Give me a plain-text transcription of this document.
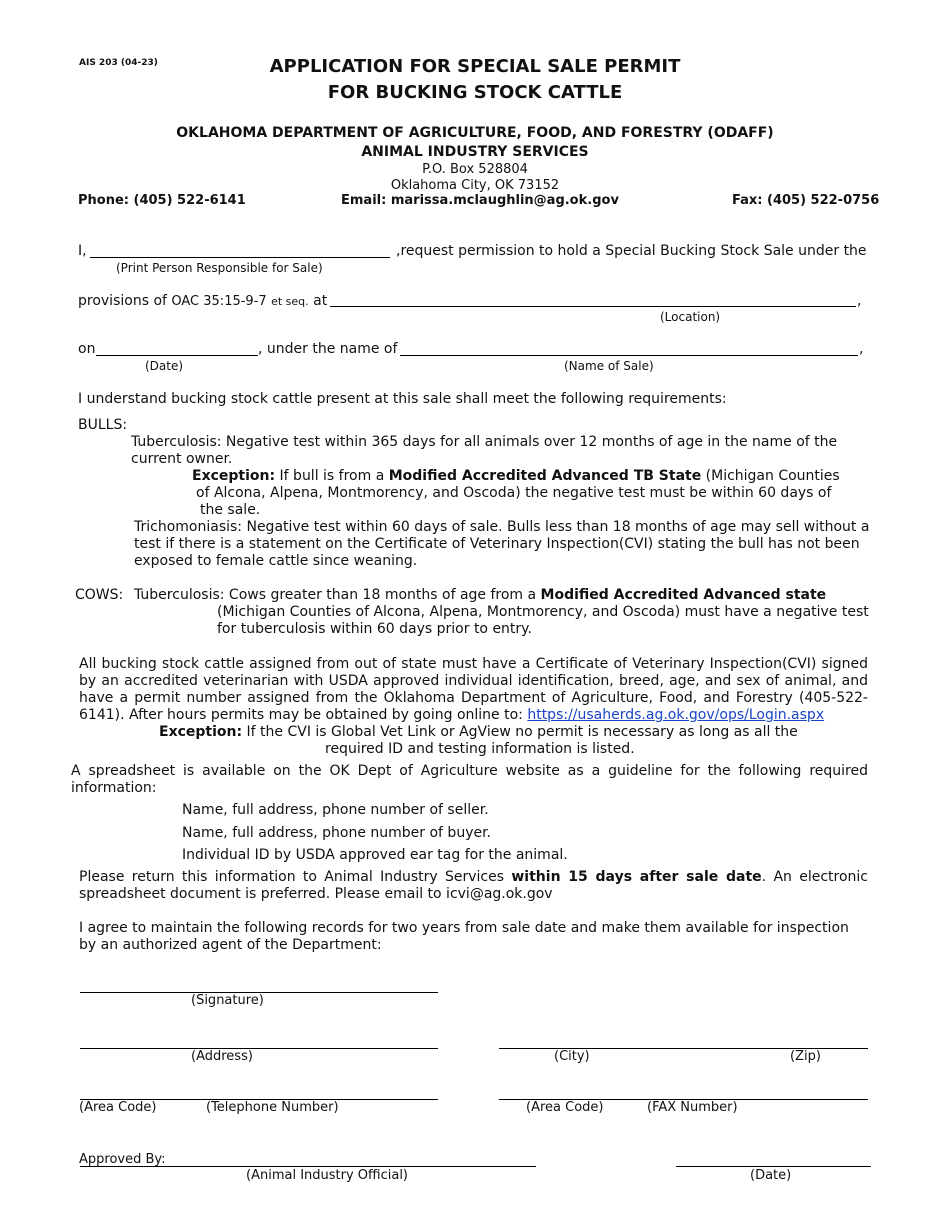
AIS 203 (04-23)	APPLICATION FOR SPECIAL SALE PERMIT
FOR BUCKING STOCK CATTLE
OKLAHOMA DEPARTMENT OF AGRICULTURE, FOOD, AND FORESTRY (ODAFF)
ANIMAL INDUSTRY SERVICES
P.O. Box 528804
Oklahoma City, OK 73152
Phone: (405) 522-6141	Email: marissa.mclaughlin@ag.ok.gov	Fax: (405) 522-0756
I,	,request permission to hold a Special Bucking Stock Sale under the
(Print Person Responsible for Sale)
provisions of OAC 35:15-9-7 et seq. at	,
(Location)
on	, under the name of	,
(Date)	(Name of Sale)
I understand bucking stock cattle present at this sale shall meet the following requirements:
BULLS:
Tuberculosis: Negative test within 365 days for all animals over 12 months of age in the name of the
current owner.
Exception: If bull is from a Modified Accredited Advanced TB State (Michigan Counties
of Alcona, Alpena, Montmorency, and Oscoda) the negative test must be within 60 days of
the sale.
Trichomoniasis: Negative test within 60 days of sale. Bulls less than 18 months of age may sell without a
test if there is a statement on the Certificate of Veterinary Inspection(CVI) stating the bull has not been
exposed to female cattle since weaning.
COWS: Tuberculosis: Cows greater than 18 months of age from a Modified Accredited Advanced state
(Michigan Counties of Alcona, Alpena, Montmorency, and Oscoda) must have a negative test
for tuberculosis within 60 days prior to entry.
All bucking stock cattle assigned from out of state must have a Certificate of Veterinary Inspection(CVI) signed by an accredited veterinarian with USDA approved individual identification, breed, age, and sex of animal, and have a permit number assigned from the Oklahoma Department of Agriculture, Food, and Forestry (405-522-6141). After hours permits may be obtained by going online to: https://usaherds.ag.ok.gov/ops/Login.aspx
Exception: If the CVI is Global Vet Link or AgView no permit is necessary as long as all the
required ID and testing information is listed.
A spreadsheet is available on the OK Dept of Agriculture website as a guideline for the following required information:
Name, full address, phone number of seller.
Name, full address, phone number of buyer.
Individual ID by USDA approved ear tag for the animal.
Please return this information to Animal Industry Services within 15 days after sale date. An electronic spreadsheet document is preferred. Please email to icvi@ag.ok.gov
I agree to maintain the following records for two years from sale date and make them available for inspection by an authorized agent of the Department:
(Signature)
(Address)	(City)	(Zip)
(Area Code)	(Telephone Number)	(Area Code)	(FAX Number)
Approved By:
(Animal Industry Official)	(Date)
